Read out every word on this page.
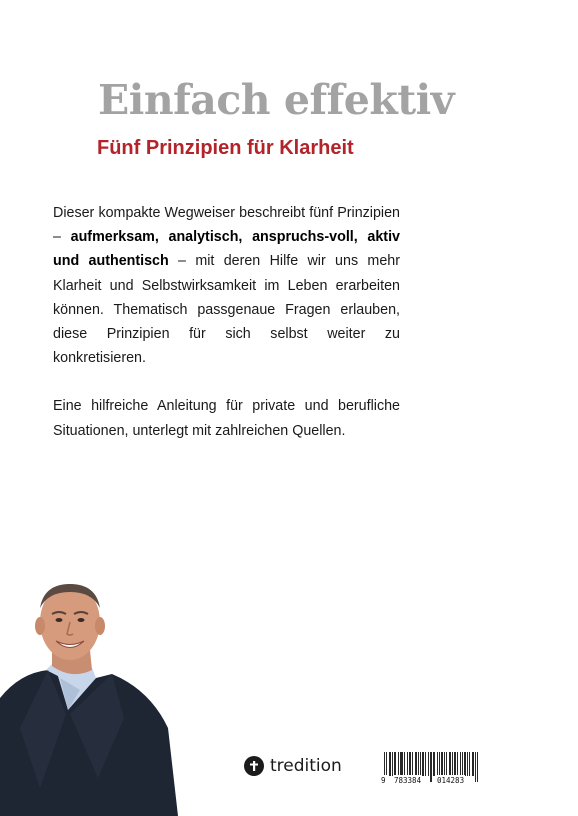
Einfach effektiv
Fünf Prinzipien für Klarheit

Dieser kompakte Wegweiser beschreibt fünf Prinzipien – aufmerksam, analytisch, anspruchs-voll, aktiv und authentisch – mit deren Hilfe wir uns mehr Klarheit und Selbstwirksamkeit im Leben erarbeiten können. Thematisch passgenaue Fragen erlauben, diese Prinzipien für sich selbst weiter zu konkretisieren.

Eine hilfreiche Anleitung für private und berufliche Situationen, unterlegt mit zahlreichen Quellen.

tredition
9 783384 014283
